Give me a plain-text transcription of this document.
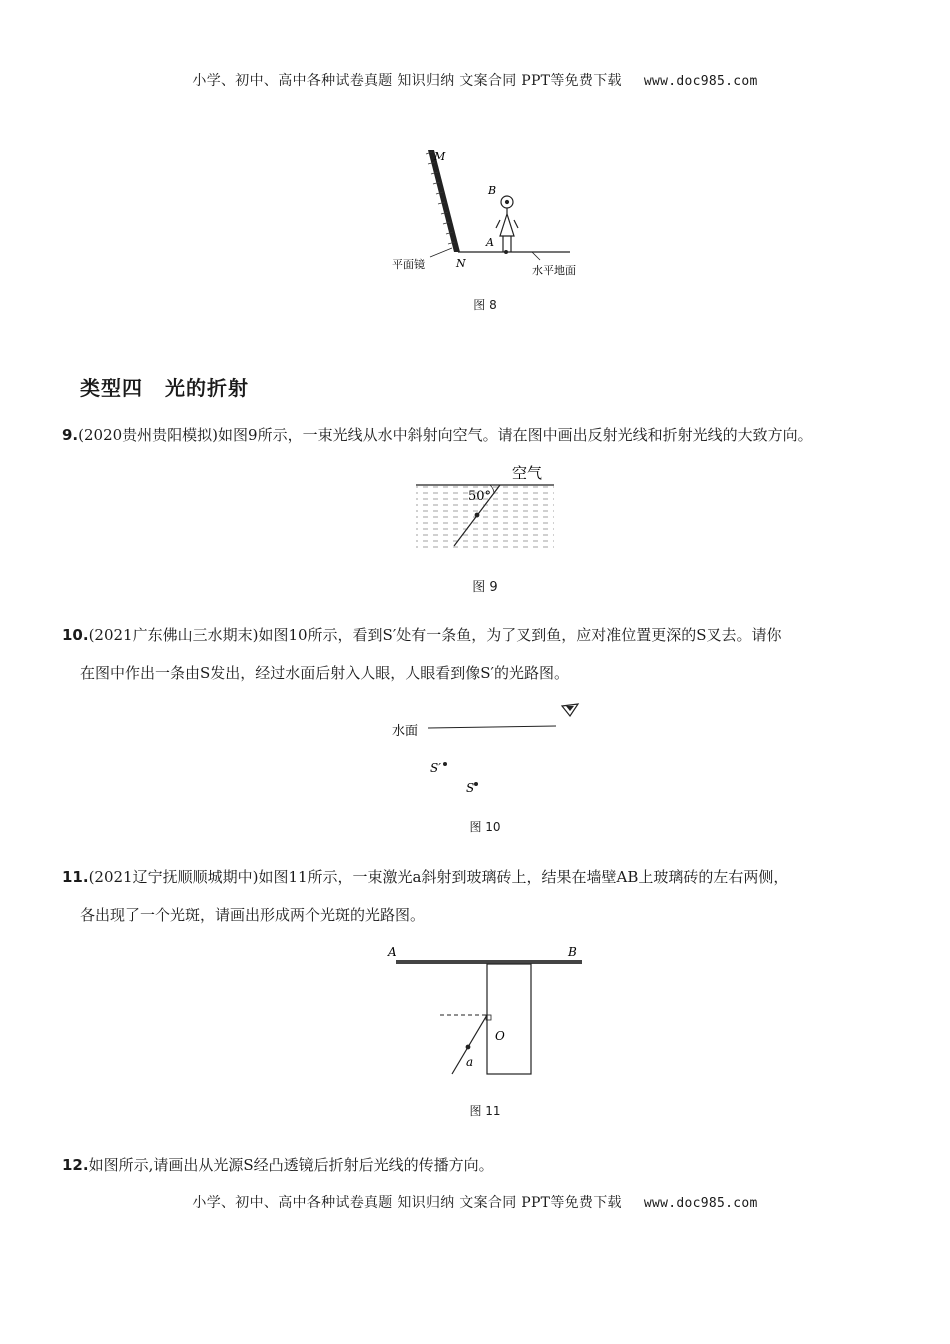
小学、初中、高中各种试卷真题 知识归纳 文案合同 PPT等免费下载 www.doc985.com
M
B
A
N
平面镜	水平地面
图 8
类型四 光的折射
9.(2020贵州贵阳模拟)如图9所示，一束光线从水中斜射向空气。请在图中画出反射光线和折射光线的大致方向。
50°
空气
图 9
10.(2021广东佛山三水期末)如图10所示，看到S′处有一条鱼，为了叉到鱼，应对准位置更深的S叉去。请你
在图中作出一条由S发出，经过水面后射入人眼，人眼看到像S′的光路图。
水面
S′
S
图 10
11.(2021辽宁抚顺顺城期中)如图11所示，一束激光a斜射到玻璃砖上，结果在墙壁AB上玻璃砖的左右两侧，
各出现了一个光斑，请画出形成两个光斑的光路图。
A	B
O
a
图 11
12.如图所示,请画出从光源S经凸透镜后折射后光线的传播方向。
小学、初中、高中各种试卷真题 知识归纳 文案合同 PPT等免费下载 www.doc985.com
